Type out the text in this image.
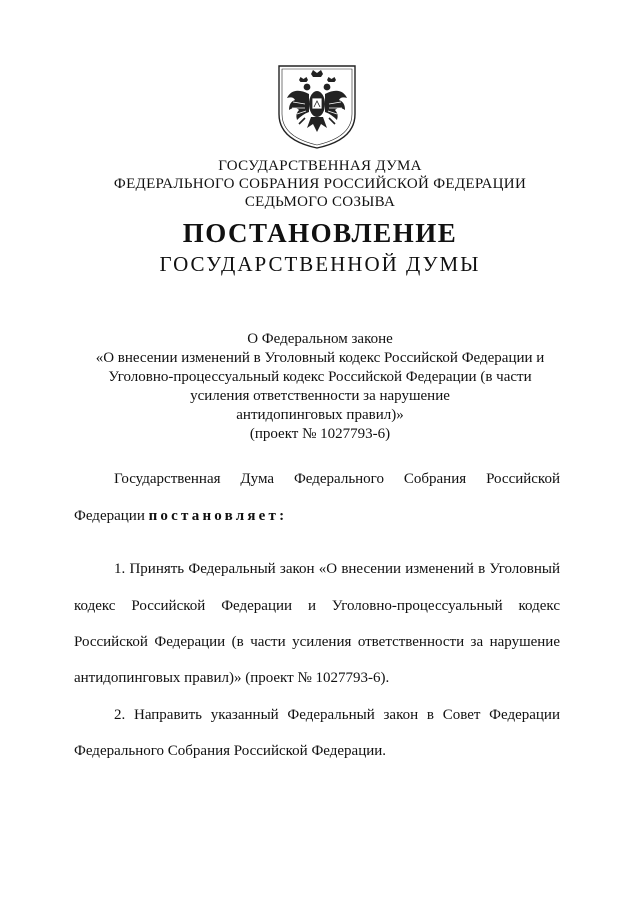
ГОСУДАРСТВЕННАЯ ДУМА
ФЕДЕРАЛЬНОГО СОБРАНИЯ РОССИЙСКОЙ ФЕДЕРАЦИИ
СЕДЬМОГО СОЗЫВА
ПОСТАНОВЛЕНИЕ
ГОСУДАРСТВЕННОЙ ДУМЫ
О Федеральном законе
«О внесении изменений в Уголовный кодекс Российской Федерации и
Уголовно-процессуальный кодекс Российской Федерации (в части
усиления ответственности за нарушение
антидопинговых правил)»
(проект № 1027793-6)
Государственная Дума Федерального Собрания Российской
Федерации постановляет:
1. Принять Федеральный закон «О внесении изменений в Уголовный
кодекс Российской Федерации и Уголовно-процессуальный кодекс
Российской Федерации (в части усиления ответственности за нарушение
антидопинговых правил)» (проект № 1027793-6).
2. Направить указанный Федеральный закон в Совет Федерации
Федерального Собрания Российской Федерации.
